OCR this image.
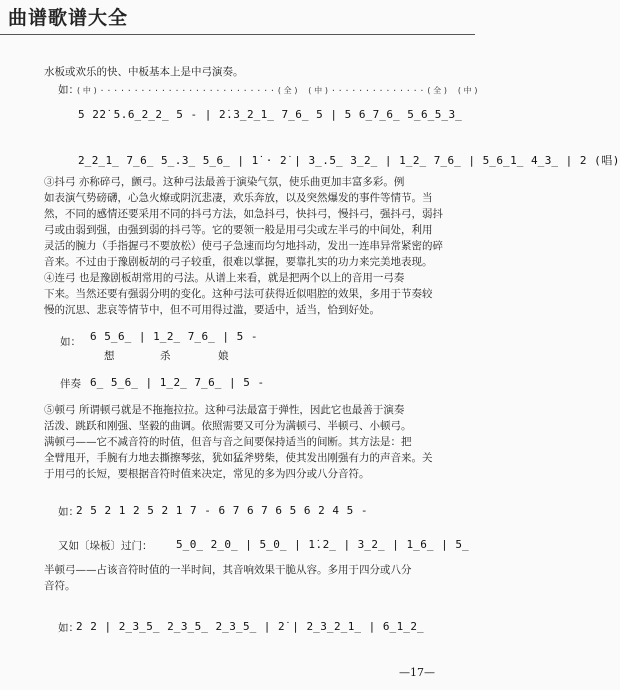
曲谱歌谱大全
水板或欢乐的快、中板基本上是中弓演奏。
如：
(中)··························(全) (中)··············(全) (中)
5 2̇2̇ 5.6̲2̲2̲ 5 - | 2̇.3̲2̲1̲ 7̲6̲ 5 | 5 6̲7̲6̲ 5̲6̲5̲3̲
2̲2̲1̲ 7̲6̲ 5̲.3̲ 5̲6̲ | 1̇ · 2̇ | 3̲.5̲ 3̲2̲ | 1̲2̲ 7̲6̲ | 5̲6̲1̲ 4̲3̲ | 2 (唱)
③抖弓 亦称碎弓，颤弓。这种弓法最善于演染气氛，使乐曲更加丰富多彩。例
如表演气势磅礴，心急火燎或阴沉悲凄，欢乐奔放，以及突然爆发的事件等情节。当
然，不同的感情还要采用不同的抖弓方法，如急抖弓，快抖弓，慢抖弓，强抖弓，弱抖
弓或由弱到强，由强到弱的抖弓等。它的要领一般是用弓尖或左半弓的中间处，利用
灵活的腕力（手指握弓不要放松）使弓子急速而均匀地抖动，发出一连串异常紧密的碎
音来。不过由于豫剧板胡的弓子较重，很难以掌握，要靠扎实的功力来完美地表现。
④连弓 也是豫剧板胡常用的弓法。从谱上来看，就是把两个以上的音用一弓奏
下来。当然还要有强弱分明的变化。这种弓法可获得近似唱腔的效果，多用于节奏较
慢的沉思、悲哀等情节中，但不可用得过滥，要适中，适当，恰到好处。
如： 6 5̲6̲ | 1̲2̲ 7̲6̲ | 5 -
想	杀	娘
伴奏 6̲ 5̲6̲ | 1̲2̲ 7̲6̲ | 5 -
⑤顿弓 所谓顿弓就是不拖拖拉拉。这种弓法最富于弹性，因此它也最善于演奏
活泼、跳跃和刚强、坚毅的曲调。依照需要又可分为满顿弓、半顿弓、小顿弓。
满顿弓——它不减音符的时值，但音与音之间要保持适当的间断。其方法是：把
全臂甩开，手腕有力地去撕擦琴弦，犹如猛斧劈柴，使其发出刚强有力的声音来。关
于用弓的长短，要根据音符时值来决定，常见的多为四分或八分音符。
如：
2 5 2 1 2 5 2 1 7 - 6 7 6 7 6 5 6 2 4 5 -
又如〔垛板〕过门： 5̲0̲ 2̲0̲ | 5̲0̲ | 1̇.2̲ | 3̲2̲ | 1̲6̲ | 5̲
半顿弓——占该音符时值的一半时间，其音响效果干脆从容。多用于四分或八分
音符。
如：
2 2 | 2̲3̲5̲ 2̲3̲5̲ 2̲3̲5̲ | 2̇ | 2̲3̲2̲1̲ | 6̲1̲2̲
—17—
